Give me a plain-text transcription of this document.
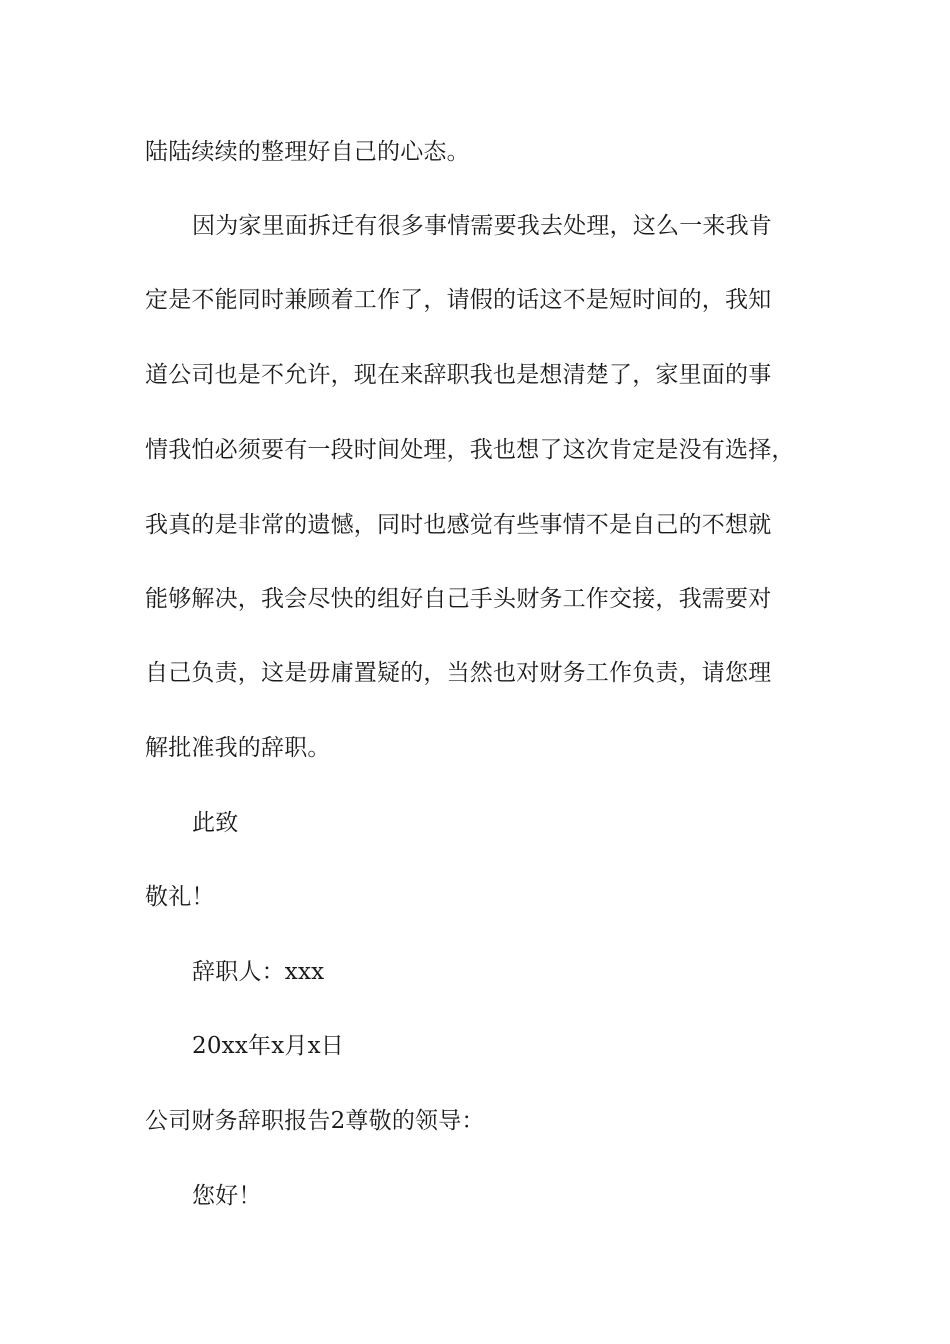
陆陆续续的整理好自己的心态。
因为家里面拆迁有很多事情需要我去处理，这么一来我肯
定是不能同时兼顾着工作了，请假的话这不是短时间的，我知
道公司也是不允许，现在来辞职我也是想清楚了，家里面的事
情我怕必须要有一段时间处理，我也想了这次肯定是没有选择，
我真的是非常的遗憾，同时也感觉有些事情不是自己的不想就
能够解决，我会尽快的组好自己手头财务工作交接，我需要对
自己负责，这是毋庸置疑的，当然也对财务工作负责，请您理
解批准我的辞职。
此致
敬礼！
辞职人：xxx
20xx年x月x日
公司财务辞职报告2尊敬的领导：
您好！
